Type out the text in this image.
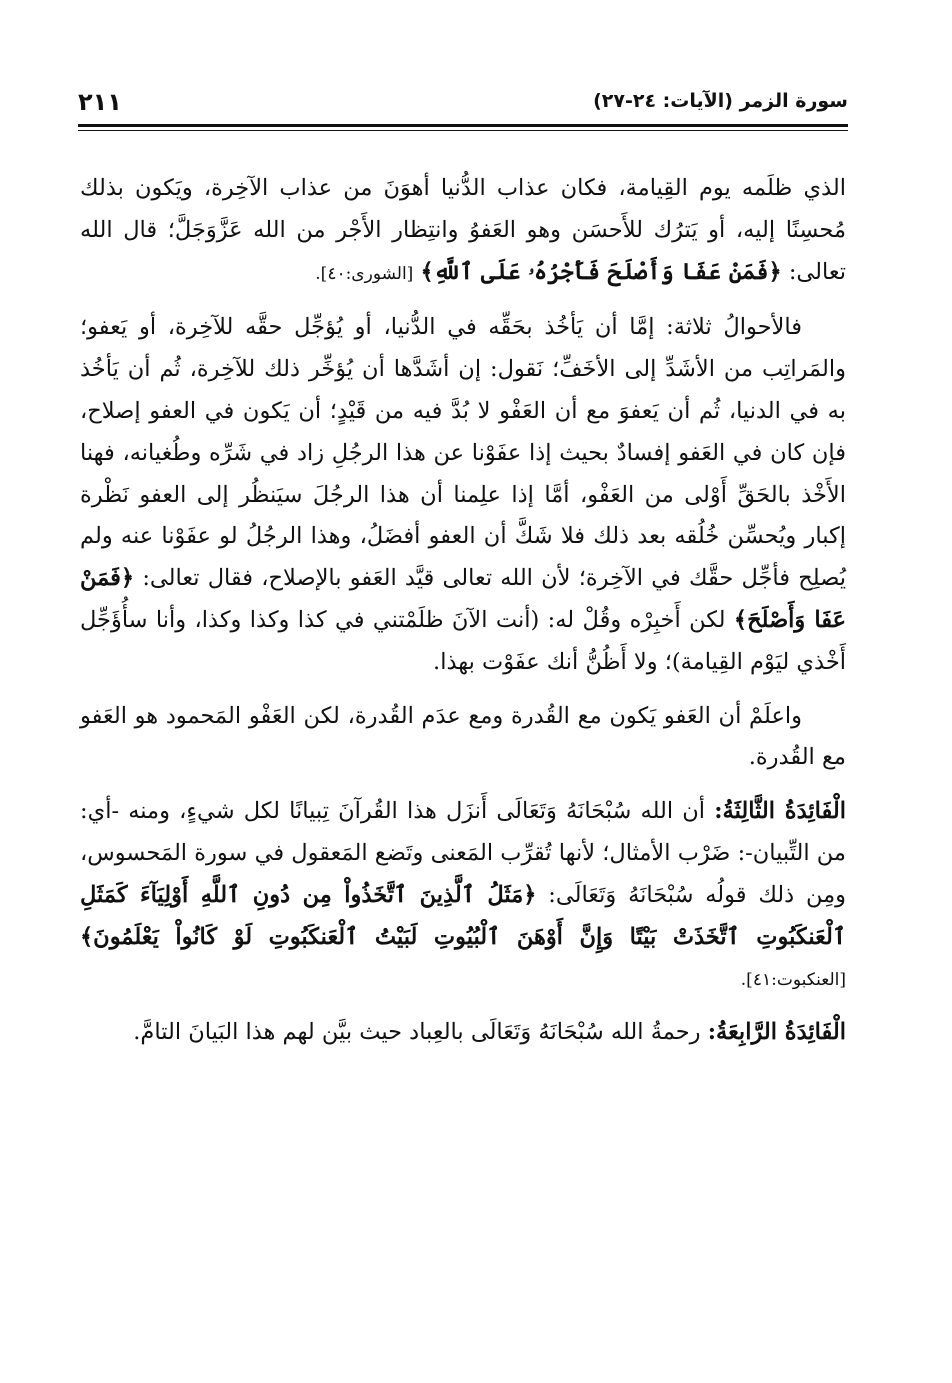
سورة الزمر (الآيات: ٢٤-٢٧)
٢١١

الذي ظلَمه يوم القِيامة، فكان عذاب الدُّنيا أهوَنَ من عذاب الآخِرة، ويَكون بذلك مُحسِنًا إليه، أو يَترُك للأَحسَن وهو العَفوُ وانتِظار الأَجْر من الله عَزَّوَجَلَّ؛ قال الله تعالى: ﴿فَمَنْ عَفَا وَأَصْلَحَ فَأَجْرُهُۥ عَلَى ٱللَّهِ﴾ [الشورى:٤٠].

فالأحوالُ ثلاثة: إمَّا أن يَأخُذ بحَقِّه في الدُّنيا، أو يُؤجِّل حقَّه للآخِرة، أو يَعفو؛ والمَراتِب من الأشَدِّ إلى الأخَفِّ؛ نَقول: إن أشَدَّها أن يُؤخِّر ذلك للآخِرة، ثُم أن يَأخُذ به في الدنيا، ثُم أن يَعفوَ مع أن العَفْو لا بُدَّ فيه من قَيْدٍ؛ أن يَكون في العفو إصلاح، فإن كان في العَفو إفسادٌ بحيث إذا عفَوْنا عن هذا الرجُلِ زاد في شَرِّه وطُغيانه، فهنا الأَخْذ بالحَقِّ أَوْلى من العَفْو، أمَّا إذا علِمنا أن هذا الرجُلَ سيَنظُر إلى العفو نَظْرة إكبار ويُحسِّن خُلُقه بعد ذلك فلا شَكَّ أن العفو أفضَلُ، وهذا الرجُلُ لو عفَوْنا عنه ولم يُصلِح فأجِّل حقَّك في الآخِرة؛ لأن الله تعالى قيَّد العَفو بالإصلاح، فقال تعالى: ﴿فَمَنْ عَفَا وَأَصْلَحَ﴾ لكن أَخبِرْه وقُلْ له: (أنت الآنَ ظلَمْتني في كذا وكذا وكذا، وأنا سأُؤَجِّل أَخْذي ليَوْم القِيامة)؛ ولا أَظُنُّ أنك عفَوْت بهذا.

واعلَمْ أن العَفو يَكون مع القُدرة ومع عدَم القُدرة، لكن العَفْو المَحمود هو العَفو مع القُدرة.

الْفَائِدَةُ الثَّالِثَةُ: أن الله سُبْحَانَهُ وَتَعَالَى أَنزَل هذا القُرآنَ تِبيانًا لكل شيءٍ، ومنه -أي: من التِّبيان-: ضَرْب الأمثال؛ لأنها تُقرِّب المَعنى وتَضع المَعقول في سورة المَحسوس، ومِن ذلك قولُه سُبْحَانَهُ وَتَعَالَى: ﴿مَثَلُ ٱلَّذِينَ ٱتَّخَذُواْ مِن دُونِ ٱللَّهِ أَوْلِيَآءَ كَمَثَلِ ٱلْعَنكَبُوتِ ٱتَّخَذَتْ بَيْتًا وَإِنَّ أَوْهَنَ ٱلْبُيُوتِ لَبَيْتُ ٱلْعَنكَبُوتِ لَوْ كَانُواْ يَعْلَمُونَ﴾ [العنكبوت:٤١].

الْفَائِدَةُ الرَّابِعَةُ: رحمةُ الله سُبْحَانَهُ وَتَعَالَى بالعِباد حيث بيَّن لهم هذا البَيانَ التامَّ.
